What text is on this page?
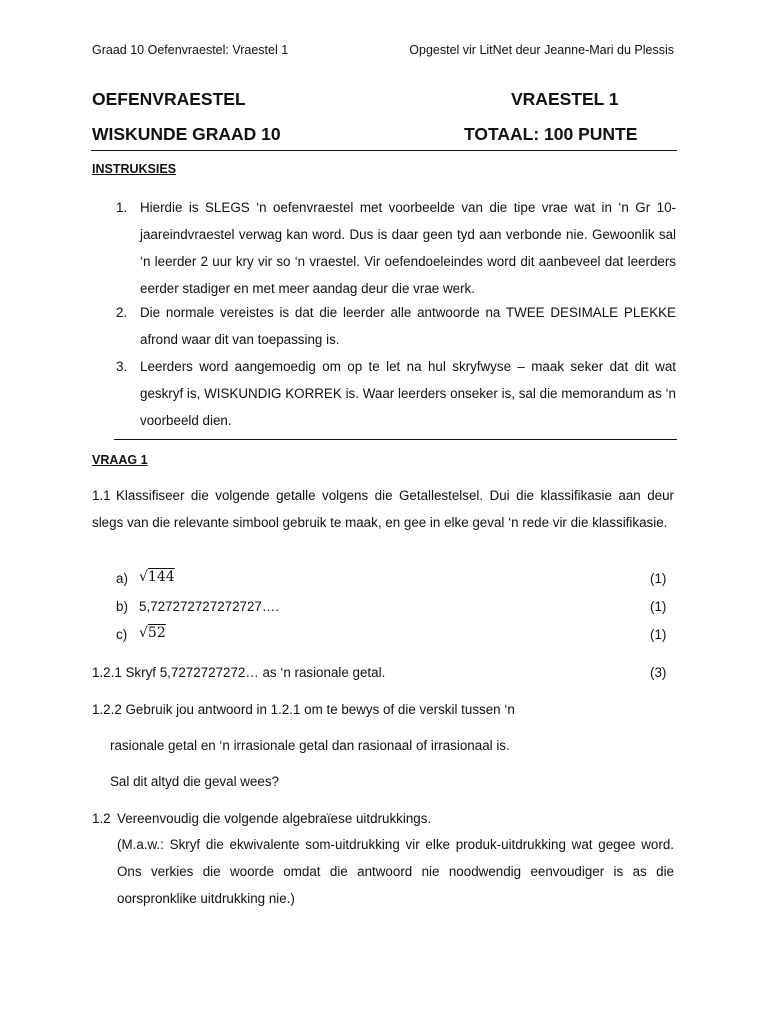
Graad 10 Oefenvraestel: Vraestel 1	Opgestel vir LitNet deur Jeanne-Mari du Plessis
OEFENVRAESTEL	VRAESTEL 1
WISKUNDE GRAAD 10	TOTAAL: 100 PUNTE
INSTRUKSIES
1. Hierdie is SLEGS ‘n oefenvraestel met voorbeelde van die tipe vrae wat in ‘n Gr 10-jaareindvraestel verwag kan word. Dus is daar geen tyd aan verbonde nie. Gewoonlik sal ‘n leerder 2 uur kry vir so ‘n vraestel. Vir oefendoeleindes word dit aanbeveel dat leerders eerder stadiger en met meer aandag deur die vrae werk.
2. Die normale vereistes is dat die leerder alle antwoorde na TWEE DESIMALE PLEKKE afrond waar dit van toepassing is.
3. Leerders word aangemoedig om op te let na hul skryfwyse – maak seker dat dit wat geskryf is, WISKUNDIG KORREK is. Waar leerders onseker is, sal die memorandum as ‘n voorbeeld dien.
VRAAG 1
1.1 Klassifiseer die volgende getalle volgens die Getallestelsel. Dui die klassifikasie aan deur slegs van die relevante simbool gebruik te maak, en gee in elke geval ‘n rede vir die klassifikasie.
a) √144	(1)
b) 5,727272727272727….	(1)
c) √52	(1)
1.2.1 Skryf 5,7272727272… as ‘n rasionale getal.	(3)
1.2.2 Gebruik jou antwoord in 1.2.1 om te bewys of die verskil tussen ‘n
rasionale getal en ‘n irrasionale getal dan rasionaal of irrasionaal is.
Sal dit altyd die geval wees?
1.2 Vereenvoudig die volgende algebraïese uitdrukkings.
(M.a.w.: Skryf die ekwivalente som-uitdrukking vir elke produk-uitdrukking wat gegee word. Ons verkies die woorde omdat die antwoord nie noodwendig eenvoudiger is as die oorspronklike uitdrukking nie.)
